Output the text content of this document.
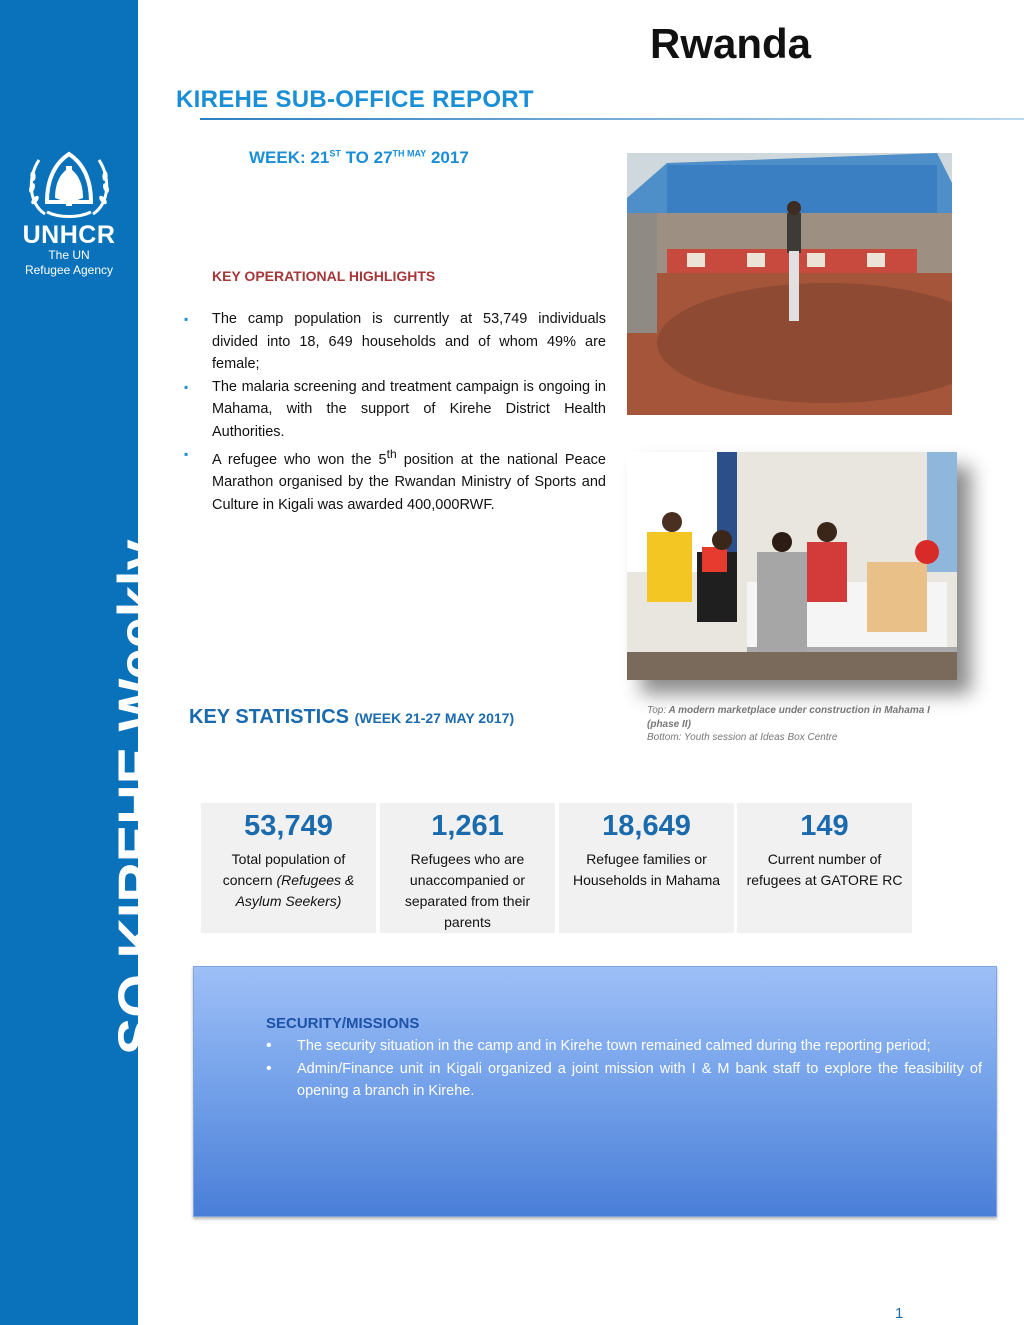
UNHCR
The UN
Refugee Agency
SO KIREHE Weekly
Rwanda
KIREHE SUB-OFFICE REPORT
WEEK: 21ST TO $27^{TH MAY}$ 2017
KEY OPERATIONAL HIGHLIGHTS
▪ The camp population is currently at 53,749 individuals divided into 18, 649 households and of whom 49% are female;
▪ The malaria screening and treatment campaign is ongoing in Mahama, with the support of Kirehe District Health Authorities.
▪ A refugee who won the 5th position at the national Peace Marathon organised by the Rwandan Ministry of Sports and Culture in Kigali was awarded 400,000RWF.
Top: A modern marketplace under construction in Mahama I (phase II)
Bottom: Youth session at Ideas Box Centre
KEY STATISTICS (WEEK 21-27 MAY 2017)
53,749
Total population of concern (Refugees & Asylum Seekers)
1,261
Refugees who are unaccompanied or separated from their parents
18,649
Refugee families or Households in Mahama
149
Current number of refugees at GATORE RC
SECURITY/MISSIONS
• The security situation in the camp and in Kirehe town remained calmed during the reporting period;
• Admin/Finance unit in Kigali organized a joint mission with I & M bank staff to explore the feasibility of opening a branch in Kirehe.
1
